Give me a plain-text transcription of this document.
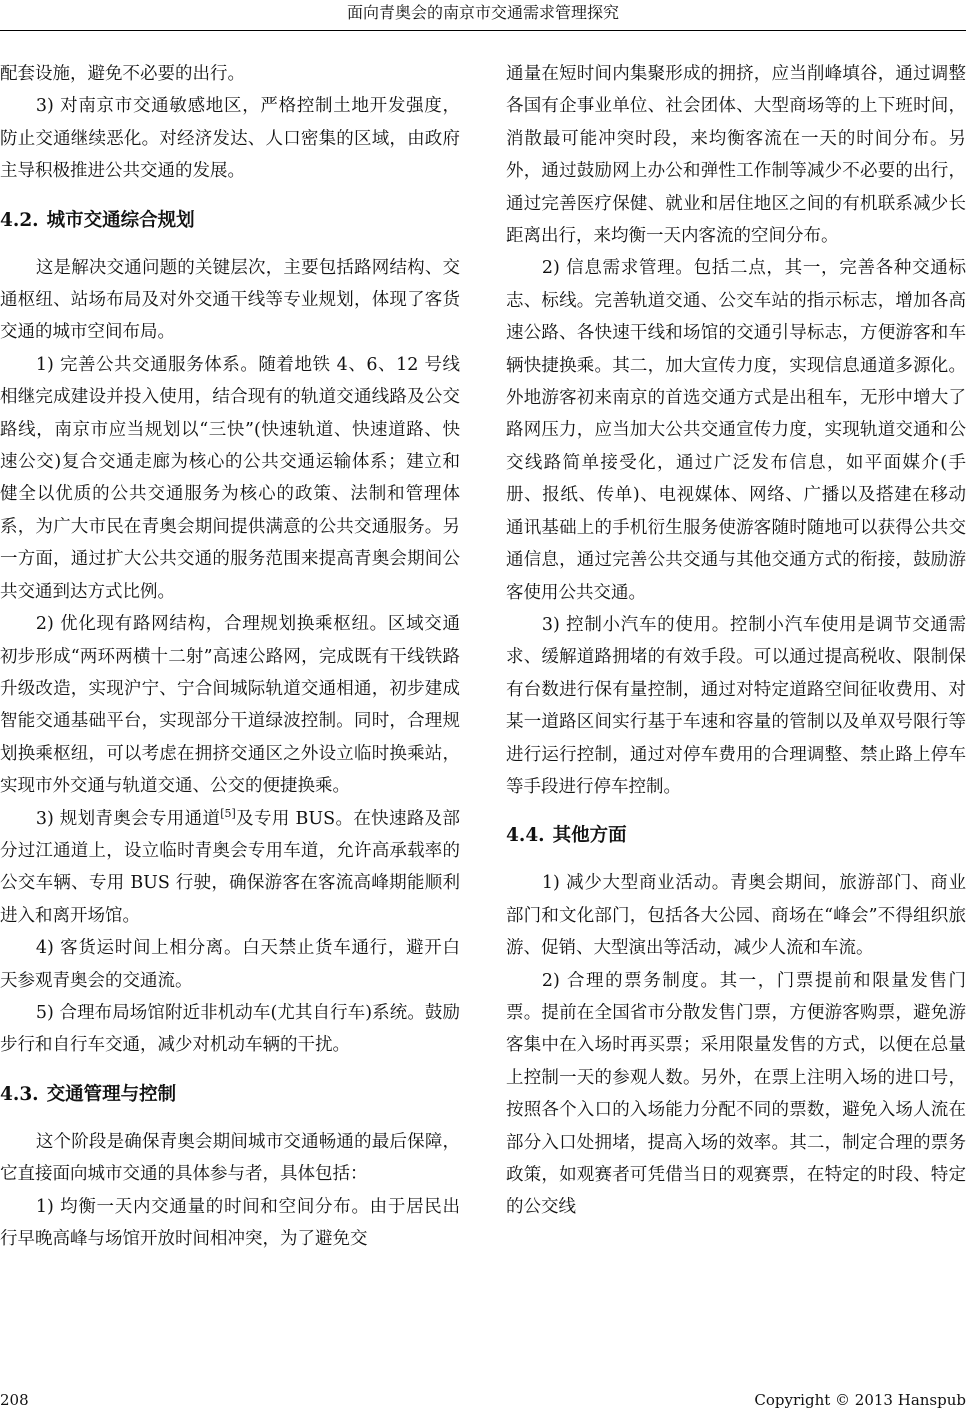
面向青奥会的南京市交通需求管理探究

配套设施，避免不必要的出行。

3) 对南京市交通敏感地区，严格控制土地开发强度，防止交通继续恶化。对经济发达、人口密集的区域，由政府主导积极推进公共交通的发展。

4.2. 城市交通综合规划

这是解决交通问题的关键层次，主要包括路网结构、交通枢纽、站场布局及对外交通干线等专业规划，体现了客货交通的城市空间布局。

1) 完善公共交通服务体系。随着地铁 4、6、12 号线相继完成建设并投入使用，结合现有的轨道交通线路及公交路线，南京市应当规划以“三快”(快速轨道、快速道路、快速公交)复合交通走廊为核心的公共交通运输体系；建立和健全以优质的公共交通服务为核心的政策、法制和管理体系，为广大市民在青奥会期间提供满意的公共交通服务。另一方面，通过扩大公共交通的服务范围来提高青奥会期间公共交通到达方式比例。

2) 优化现有路网结构，合理规划换乘枢纽。区域交通初步形成“两环两横十二射”高速公路网，完成既有干线铁路升级改造，实现沪宁、宁合间城际轨道交通相通，初步建成智能交通基础平台，实现部分干道绿波控制。同时，合理规划换乘枢纽，可以考虑在拥挤交通区之外设立临时换乘站，实现市外交通与轨道交通、公交的便捷换乘。

3) 规划青奥会专用通道[5]及专用 BUS。在快速路及部分过江通道上，设立临时青奥会专用车道，允许高承载率的公交车辆、专用 BUS 行驶，确保游客在客流高峰期能顺利进入和离开场馆。

4) 客货运时间上相分离。白天禁止货车通行，避开白天参观青奥会的交通流。

5) 合理布局场馆附近非机动车(尤其自行车)系统。鼓励步行和自行车交通，减少对机动车辆的干扰。

4.3. 交通管理与控制

这个阶段是确保青奥会期间城市交通畅通的最后保障，它直接面向城市交通的具体参与者，具体包括：

1) 均衡一天内交通量的时间和空间分布。由于居民出行早晚高峰与场馆开放时间相冲突，为了避免交

通量在短时间内集聚形成的拥挤，应当削峰填谷，通过调整各国有企事业单位、社会团体、大型商场等的上下班时间，消散最可能冲突时段，来均衡客流在一天的时间分布。另外，通过鼓励网上办公和弹性工作制等减少不必要的出行，通过完善医疗保健、就业和居住地区之间的有机联系减少长距离出行，来均衡一天内客流的空间分布。

2) 信息需求管理。包括二点，其一，完善各种交通标志、标线。完善轨道交通、公交车站的指示标志，增加各高速公路、各快速干线和场馆的交通引导标志，方便游客和车辆快捷换乘。其二，加大宣传力度，实现信息通道多源化。外地游客初来南京的首选交通方式是出租车，无形中增大了路网压力，应当加大公共交通宣传力度，实现轨道交通和公交线路简单接受化，通过广泛发布信息，如平面媒介(手册、报纸、传单)、电视媒体、网络、广播以及搭建在移动通讯基础上的手机衍生服务使游客随时随地可以获得公共交通信息，通过完善公共交通与其他交通方式的衔接，鼓励游客使用公共交通。

3) 控制小汽车的使用。控制小汽车使用是调节交通需求、缓解道路拥堵的有效手段。可以通过提高税收、限制保有台数进行保有量控制，通过对特定道路空间征收费用、对某一道路区间实行基于车速和容量的管制以及单双号限行等进行运行控制，通过对停车费用的合理调整、禁止路上停车等手段进行停车控制。

4.4. 其他方面

1) 减少大型商业活动。青奥会期间，旅游部门、商业部门和文化部门，包括各大公园、商场在“峰会”不得组织旅游、促销、大型演出等活动，减少人流和车流。

2) 合理的票务制度。其一，门票提前和限量发售门票。提前在全国省市分散发售门票，方便游客购票，避免游客集中在入场时再买票；采用限量发售的方式，以便在总量上控制一天的参观人数。另外，在票上注明入场的进口号，按照各个入口的入场能力分配不同的票数，避免入场人流在部分入口处拥堵，提高入场的效率。其二，制定合理的票务政策，如观赛者可凭借当日的观赛票，在特定的时段、特定的公交线

208	Copyright © 2013 Hanspub
